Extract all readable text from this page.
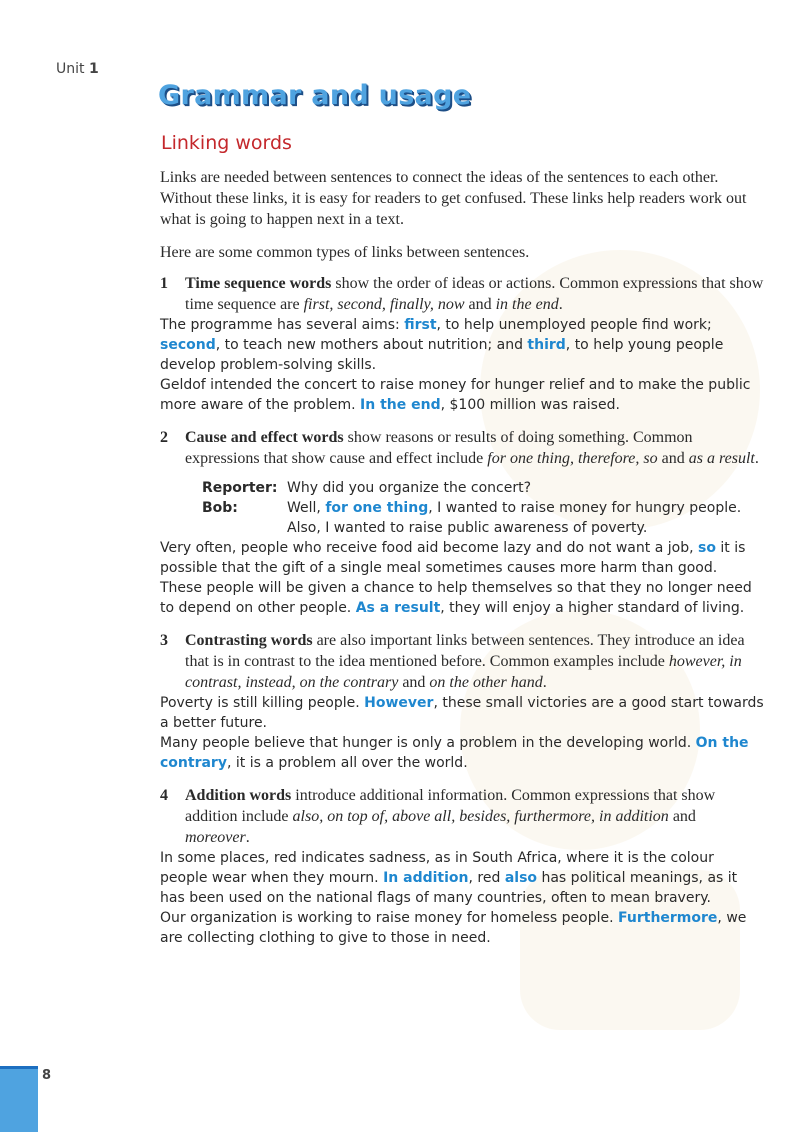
Unit 1
Grammar and usage
Linking words

Links are needed between sentences to connect the ideas of the sentences to each other. Without these links, it is easy for readers to get confused. These links help readers work out what is going to happen next in a text.

Here are some common types of links between sentences.

1 Time sequence words show the order of ideas or actions. Common expressions that show time sequence are first, second, finally, now and in the end.

The programme has several aims: first, to help unemployed people find work; second, to teach new mothers about nutrition; and third, to help young people develop problem-solving skills.

Geldof intended the concert to raise money for hunger relief and to make the public more aware of the problem. In the end, $100 million was raised.

2 Cause and effect words show reasons or results of doing something. Common expressions that show cause and effect include for one thing, therefore, so and as a result.

Reporter: Why did you organize the concert?
Bob:	Well, for one thing, I wanted to raise money for hungry people. Also, I wanted to raise public awareness of poverty.

Very often, people who receive food aid become lazy and do not want a job, so it is possible that the gift of a single meal sometimes causes more harm than good.

These people will be given a chance to help themselves so that they no longer need to depend on other people. As a result, they will enjoy a higher standard of living.

3 Contrasting words are also important links between sentences. They introduce an idea that is in contrast to the idea mentioned before. Common examples include however, in contrast, instead, on the contrary and on the other hand.

Poverty is still killing people. However, these small victories are a good start towards a better future.

Many people believe that hunger is only a problem in the developing world. On the contrary, it is a problem all over the world.

4 Addition words introduce additional information. Common expressions that show addition include also, on top of, above all, besides, furthermore, in addition and moreover.

In some places, red indicates sadness, as in South Africa, where it is the colour people wear when they mourn. In addition, red also has political meanings, as it has been used on the national flags of many countries, often to mean bravery.

Our organization is working to raise money for homeless people. Furthermore, we are collecting clothing to give to those in need.

8
